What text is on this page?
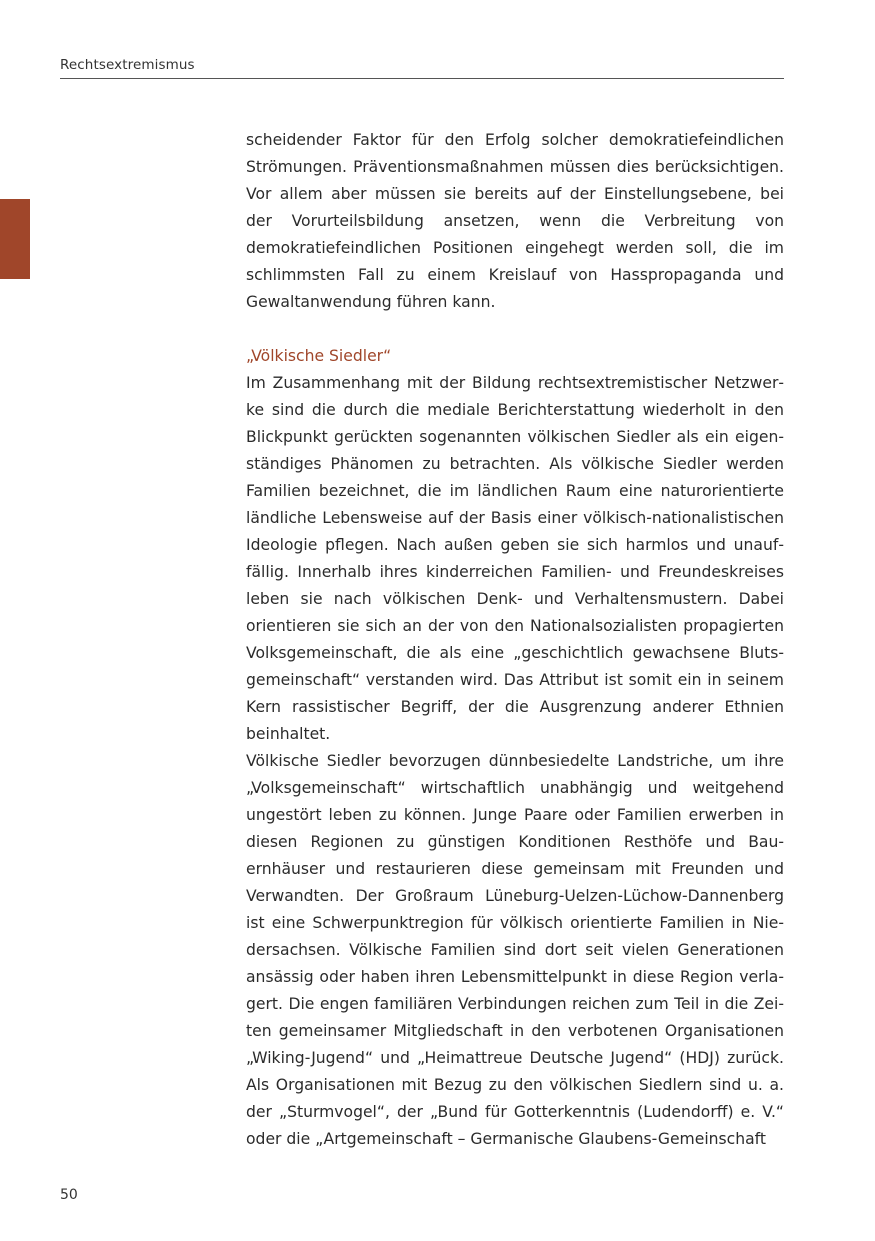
Rechtsextremismus

scheidender Faktor für den Erfolg solcher demokratiefeindlichen Strömungen. Präventionsmaßnahmen müssen dies berücksichtigen. Vor allem aber müssen sie bereits auf der Einstellungsebene, bei der Vorurteilsbildung ansetzen, wenn die Verbreitung von demokratiefeindlichen Positionen eingehegt werden soll, die im schlimmsten Fall zu einem Kreislauf von Hasspropaganda und Gewaltanwendung führen kann.

„Völkische Siedler“

Im Zusammenhang mit der Bildung rechtsextremistischer Netzwerke sind die durch die mediale Berichterstattung wiederholt in den Blickpunkt gerückten sogenannten völkischen Siedler als ein eigenständiges Phänomen zu betrachten. Als völkische Siedler werden Familien bezeichnet, die im ländlichen Raum eine naturorientierte ländliche Lebensweise auf der Basis einer völkisch-nationalistischen Ideologie pflegen. Nach außen geben sie sich harmlos und unauffällig. Innerhalb ihres kinderreichen Familien- und Freundeskreises leben sie nach völkischen Denk- und Verhaltensmustern. Dabei orientieren sie sich an der von den Nationalsozialisten propagierten Volksgemeinschaft, die als eine „geschichtlich gewachsene Blutsgemeinschaft“ verstanden wird. Das Attribut ist somit ein in seinem Kern rassistischer Begriff, der die Ausgrenzung anderer Ethnien beinhaltet.

Völkische Siedler bevorzugen dünnbesiedelte Landstriche, um ihre „Volksgemeinschaft“ wirtschaftlich unabhängig und weitgehend ungestört leben zu können. Junge Paare oder Familien erwerben in diesen Regionen zu günstigen Konditionen Resthöfe und Bauernhäuser und restaurieren diese gemeinsam mit Freunden und Verwandten. Der Großraum Lüneburg-Uelzen-Lüchow-Dannenberg ist eine Schwerpunktregion für völkisch orientierte Familien in Niedersachsen. Völkische Familien sind dort seit vielen Generationen ansässig oder haben ihren Lebensmittelpunkt in diese Region verlagert. Die engen familiären Verbindungen reichen zum Teil in die Zeiten gemeinsamer Mitgliedschaft in den verbotenen Organisationen „Wiking-Jugend“ und „Heimattreue Deutsche Jugend“ (HDJ) zurück. Als Organisationen mit Bezug zu den völkischen Siedlern sind u. a. der „Sturmvogel“, der „Bund für Gotterkenntnis (Ludendorff) e. V.“ oder die „Artgemeinschaft – Germanische Glaubens-Gemeinschaft

50
